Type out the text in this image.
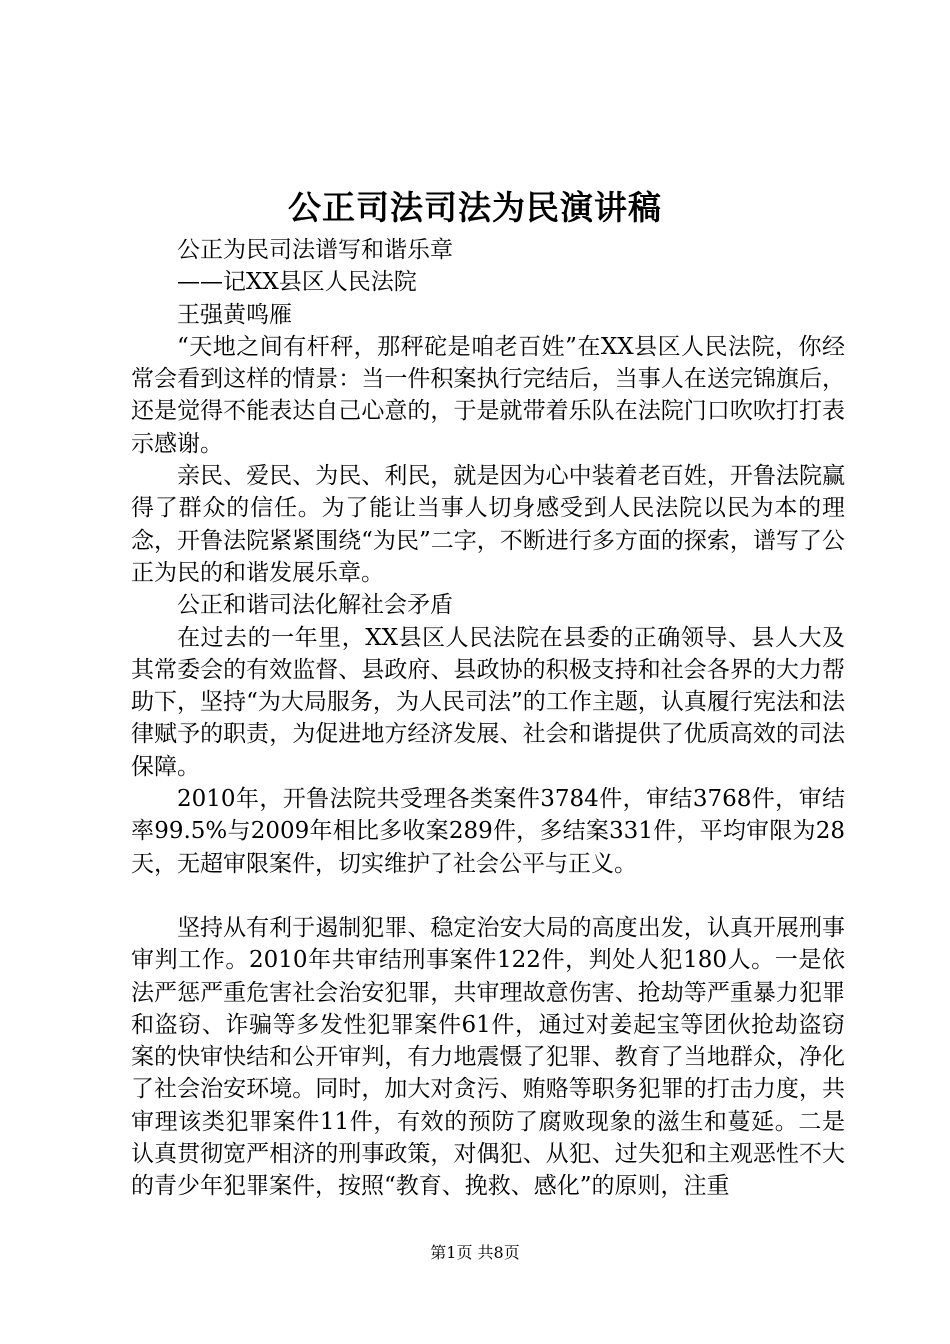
公正司法司法为民演讲稿

公正为民司法谱写和谐乐章

——记XX县区人民法院

王强黄鸣雁

“天地之间有杆秤，那秤砣是咱老百姓”在XX县区人民法院，你经常会看到这样的情景：当一件积案执行完结后，当事人在送完锦旗后，还是觉得不能表达自己心意的，于是就带着乐队在法院门口吹吹打打表示感谢。

亲民、爱民、为民、利民，就是因为心中装着老百姓，开鲁法院赢得了群众的信任。为了能让当事人切身感受到人民法院以民为本的理念，开鲁法院紧紧围绕“为民”二字，不断进行多方面的探索，谱写了公正为民的和谐发展乐章。

公正和谐司法化解社会矛盾

在过去的一年里，XX县区人民法院在县委的正确领导、县人大及其常委会的有效监督、县政府、县政协的积极支持和社会各界的大力帮助下，坚持“为大局服务，为人民司法”的工作主题，认真履行宪法和法律赋予的职责，为促进地方经济发展、社会和谐提供了优质高效的司法保障。

2010年，开鲁法院共受理各类案件3784件，审结3768件，审结率99.5%与2009年相比多收案289件，多结案331件，平均审限为28天，无超审限案件，切实维护了社会公平与正义。

坚持从有利于遏制犯罪、稳定治安大局的高度出发，认真开展刑事审判工作。2010年共审结刑事案件122件，判处人犯180人。一是依法严惩严重危害社会治安犯罪，共审理故意伤害、抢劫等严重暴力犯罪和盗窃、诈骗等多发性犯罪案件61件，通过对姜起宝等团伙抢劫盗窃案的快审快结和公开审判，有力地震慑了犯罪、教育了当地群众，净化了社会治安环境。同时，加大对贪污、贿赂等职务犯罪的打击力度，共审理该类犯罪案件11件，有效的预防了腐败现象的滋生和蔓延。二是认真贯彻宽严相济的刑事政策，对偶犯、从犯、过失犯和主观恶性不大的青少年犯罪案件，按照“教育、挽救、感化”的原则，注重

第1页 共8页
